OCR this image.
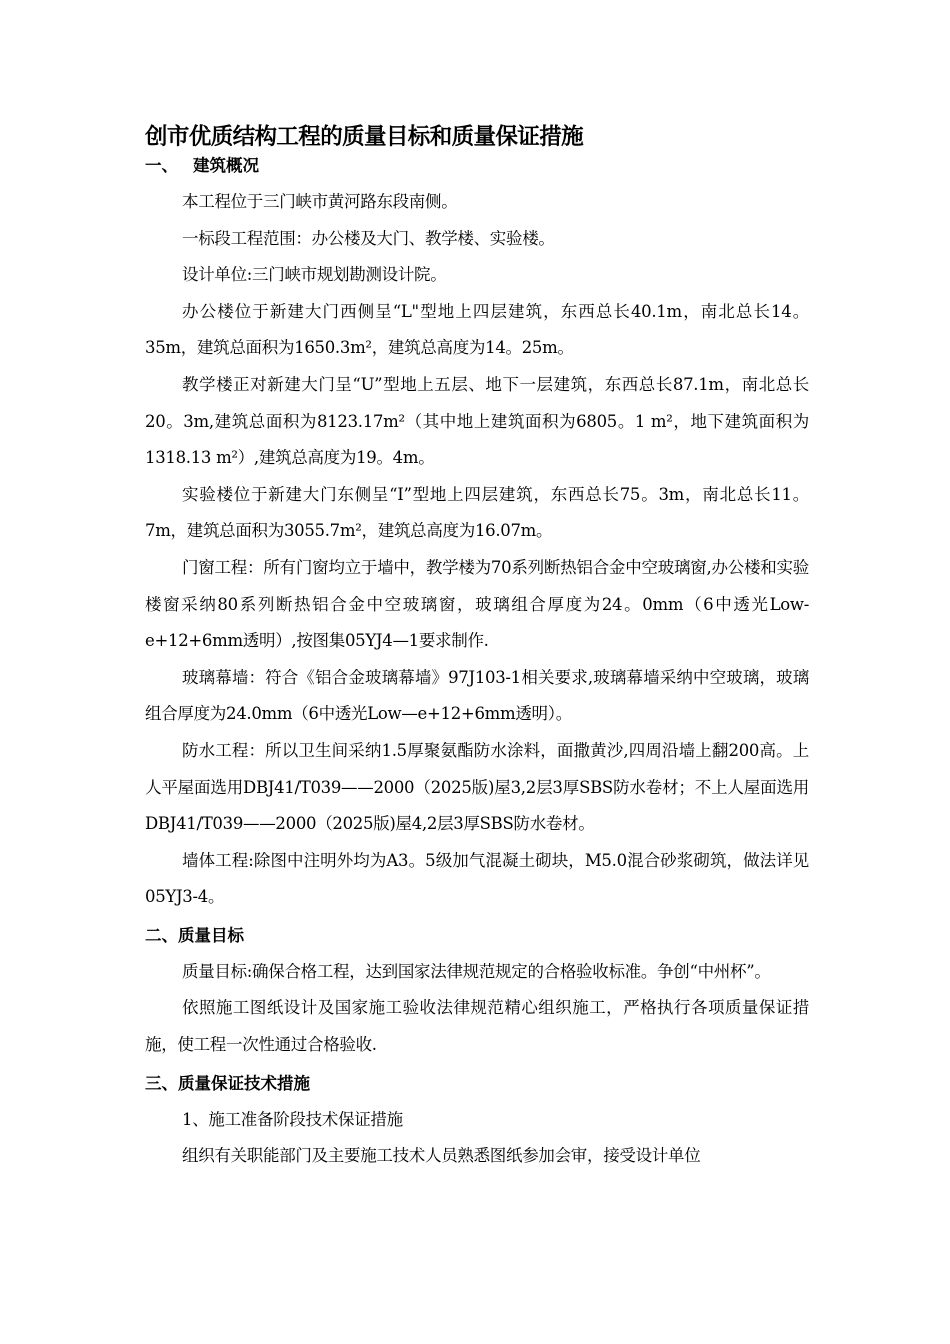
创市优质结构工程的质量目标和质量保证措施
一、 建筑概况

本工程位于三门峡市黄河路东段南侧。

一标段工程范围：办公楼及大门、教学楼、实验楼。

设计单位:三门峡市规划勘测设计院。

办公楼位于新建大门西侧呈“L"型地上四层建筑，东西总长40.1m，南北总长14。35m，建筑总面积为1650.3m²，建筑总高度为14。25m。

教学楼正对新建大门呈“U”型地上五层、地下一层建筑，东西总长87.1m，南北总长20。3m,建筑总面积为8123.17m²（其中地上建筑面积为6805。1 m²，地下建筑面积为1318.13 m²）,建筑总高度为19。4m。

实验楼位于新建大门东侧呈“I”型地上四层建筑，东西总长75。3m，南北总长11。7m，建筑总面积为3055.7m²，建筑总高度为16.07m。

门窗工程：所有门窗均立于墙中，教学楼为70系列断热铝合金中空玻璃窗,办公楼和实验楼窗采纳80系列断热铝合金中空玻璃窗，玻璃组合厚度为24。0mm（6中透光Low-e+12+6mm透明）,按图集05YJ4—1要求制作.

玻璃幕墙：符合《铝合金玻璃幕墙》97J103-1相关要求,玻璃幕墙采纳中空玻璃，玻璃组合厚度为24.0mm（6中透光Low—e+12+6mm透明）。

防水工程：所以卫生间采纳1.5厚聚氨酯防水涂料，面撒黄沙,四周沿墙上翻200高。上人平屋面选用DBJ41/T039——2000（2025版)屋3,2层3厚SBS防水卷材；不上人屋面选用DBJ41/T039——2000（2025版)屋4,2层3厚SBS防水卷材。

墙体工程:除图中注明外均为A3。5级加气混凝土砌块，M5.0混合砂浆砌筑，做法详见05YJ3-4。

二、质量目标

质量目标:确保合格工程，达到国家法律规范规定的合格验收标准。争创“中州杯”。

依照施工图纸设计及国家施工验收法律规范精心组织施工，严格执行各项质量保证措施，使工程一次性通过合格验收.

三、质量保证技术措施

1、施工准备阶段技术保证措施

组织有关职能部门及主要施工技术人员熟悉图纸参加会审，接受设计单位
